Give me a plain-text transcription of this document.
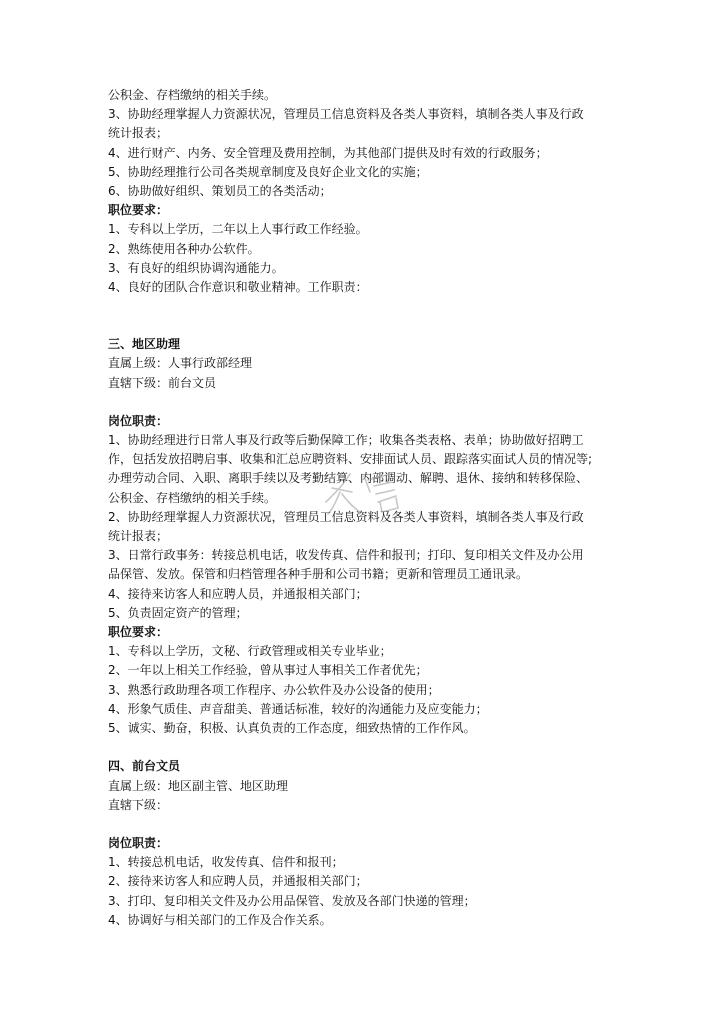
公积金、存档缴纳的相关手续。
3、协助经理掌握人力资源状况，管理员工信息资料及各类人事资料，填制各类人事及行政
统计报表；
4、进行财产、内务、安全管理及费用控制，为其他部门提供及时有效的行政服务；
5、协助经理推行公司各类规章制度及良好企业文化的实施；
6、协助做好组织、策划员工的各类活动；
职位要求：
1、专科以上学历，二年以上人事行政工作经验。
2、熟练使用各种办公软件。
3、有良好的组织协调沟通能力。
4、良好的团队合作意识和敬业精神。工作职责：
三、地区助理
直属上级：人事行政部经理
直辖下级：前台文员
岗位职责：
1、协助经理进行日常人事及行政等后勤保障工作；收集各类表格、表单；协助做好招聘工
作，包括发放招聘启事、收集和汇总应聘资料、安排面试人员、跟踪落实面试人员的情况等;
办理劳动合同、入职、离职手续以及考勤结算、内部调动、解聘、退休、接纳和转移保险、
公积金、存档缴纳的相关手续。
2、协助经理掌握人力资源状况，管理员工信息资料及各类人事资料，填制各类人事及行政
统计报表；
3、日常行政事务：转接总机电话，收发传真、信件和报刊；打印、复印相关文件及办公用
品保管、发放。保管和归档管理各种手册和公司书籍；更新和管理员工通讯录。
4、接待来访客人和应聘人员，并通报相关部门；
5、负责固定资产的管理；
职位要求：
1、专科以上学历，文秘、行政管理或相关专业毕业；
2、一年以上相关工作经验，曾从事过人事相关工作者优先；
3、熟悉行政助理各项工作程序、办公软件及办公设备的使用；
4、形象气质佳、声音甜美、普通话标准，较好的沟通能力及应变能力；
5、诚实、勤奋，积极、认真负责的工作态度，细致热情的工作作风。
四、前台文员
直属上级：地区副主管、地区助理
直辖下级：
岗位职责：
1、转接总机电话，收发传真、信件和报刊；
2、接待来访客人和应聘人员，并通报相关部门；
3、打印、复印相关文件及办公用品保管、发放及各部门快递的管理；
4、协调好与相关部门的工作及合作关系。
